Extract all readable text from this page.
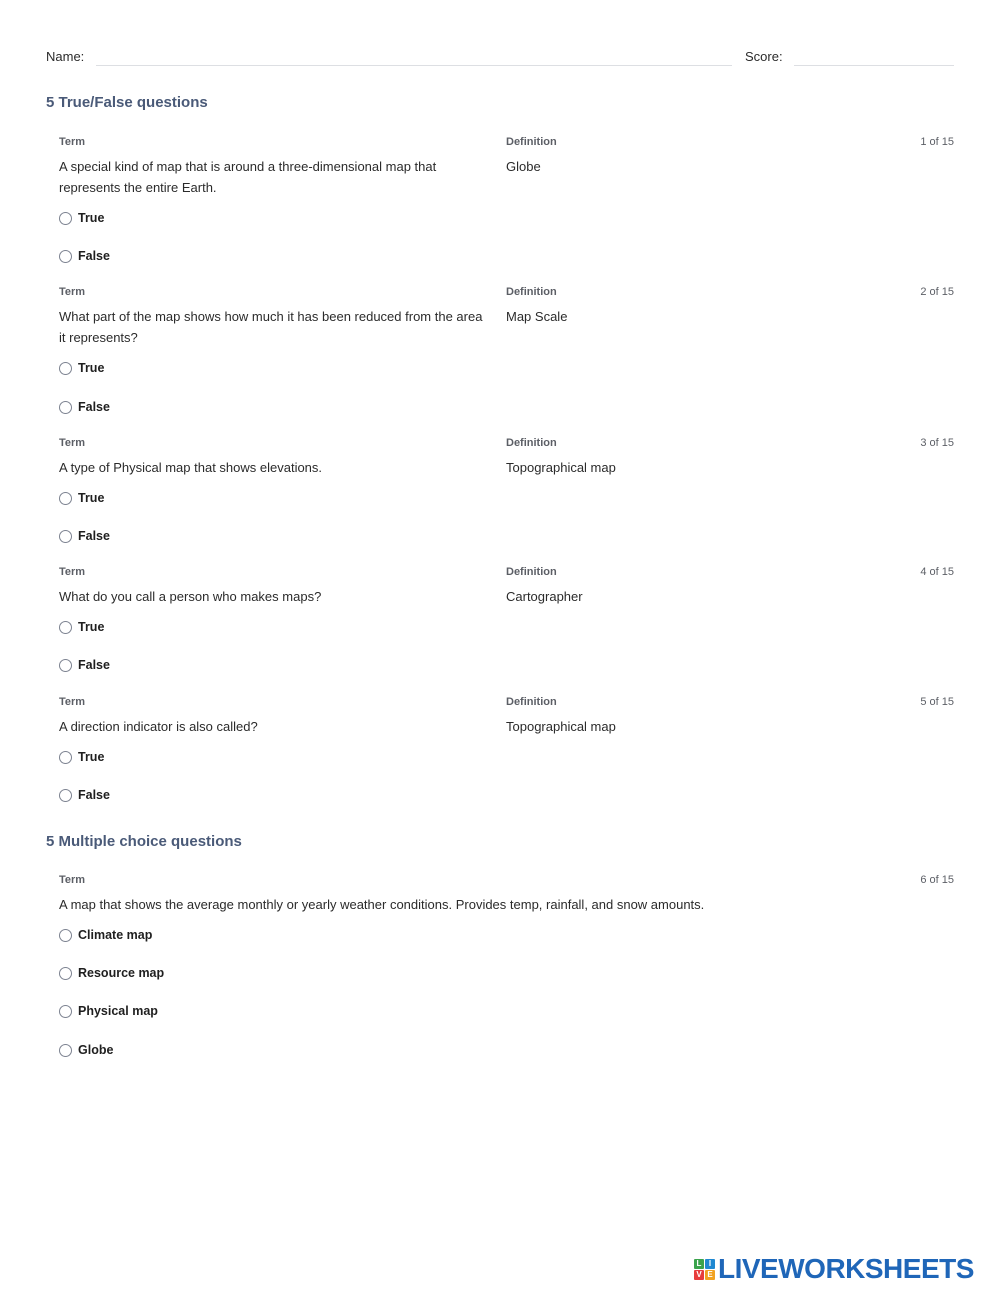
Name:	Score:
5 True/False questions
Term	Definition	1 of 15
A special kind of map that is around a three-dimensional map that represents the entire Earth.
Globe
True
False
Term	Definition	2 of 15
What part of the map shows how much it has been reduced from the area it represents?
Map Scale
True
False
Term	Definition	3 of 15
A type of Physical map that shows elevations.	Topographical map
True
False
Term	Definition	4 of 15
What do you call a person who makes maps?	Cartographer
True
False
Term	Definition	5 of 15
A direction indicator is also called?	Topographical map
True
False
5 Multiple choice questions
Term	6 of 15
A map that shows the average monthly or yearly weather conditions. Provides temp, rainfall, and snow amounts.
Climate map
Resource map
Physical map
Globe
L I
V E LIVEWORKSHEETS
